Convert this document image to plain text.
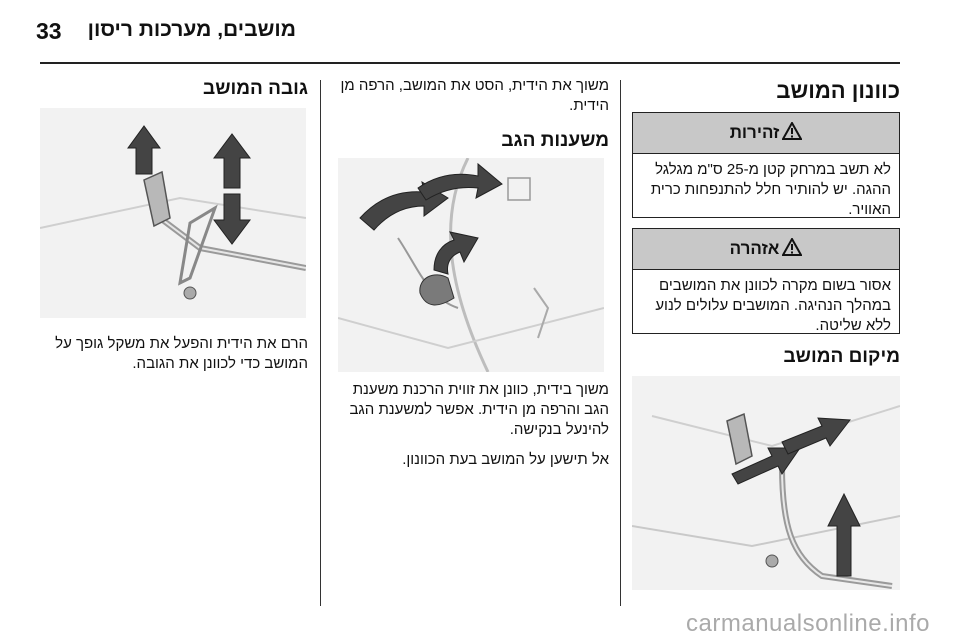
33 מושבים, מערכות ריסון
כוונון המושב
זהירות
לא תשב במרחק קטן מ-25 ס"מ מגלגל ההגה. יש להותיר חלל להתנפחות כרית האוויר.
אזהרה
אסור בשום מקרה לכוונן את המושבים במהלך הנהיגה. המושבים עלולים לנוע ללא שליטה.
מיקום המושב

משוך את הידית, הסט את המושב, הרפה מן הידית.

משענות הגב

משוך בידית, כוונן את זווית הרכנת משענת הגב והרפה מן הידית. אפשר למשענת הגב להינעל בנקישה.

אל תישען על המושב בעת הכוונון.

גובה המושב

הרם את הידית והפעל את משקל גופך על המושב כדי לכוונן את הגובה.

carmanualsonline.info
